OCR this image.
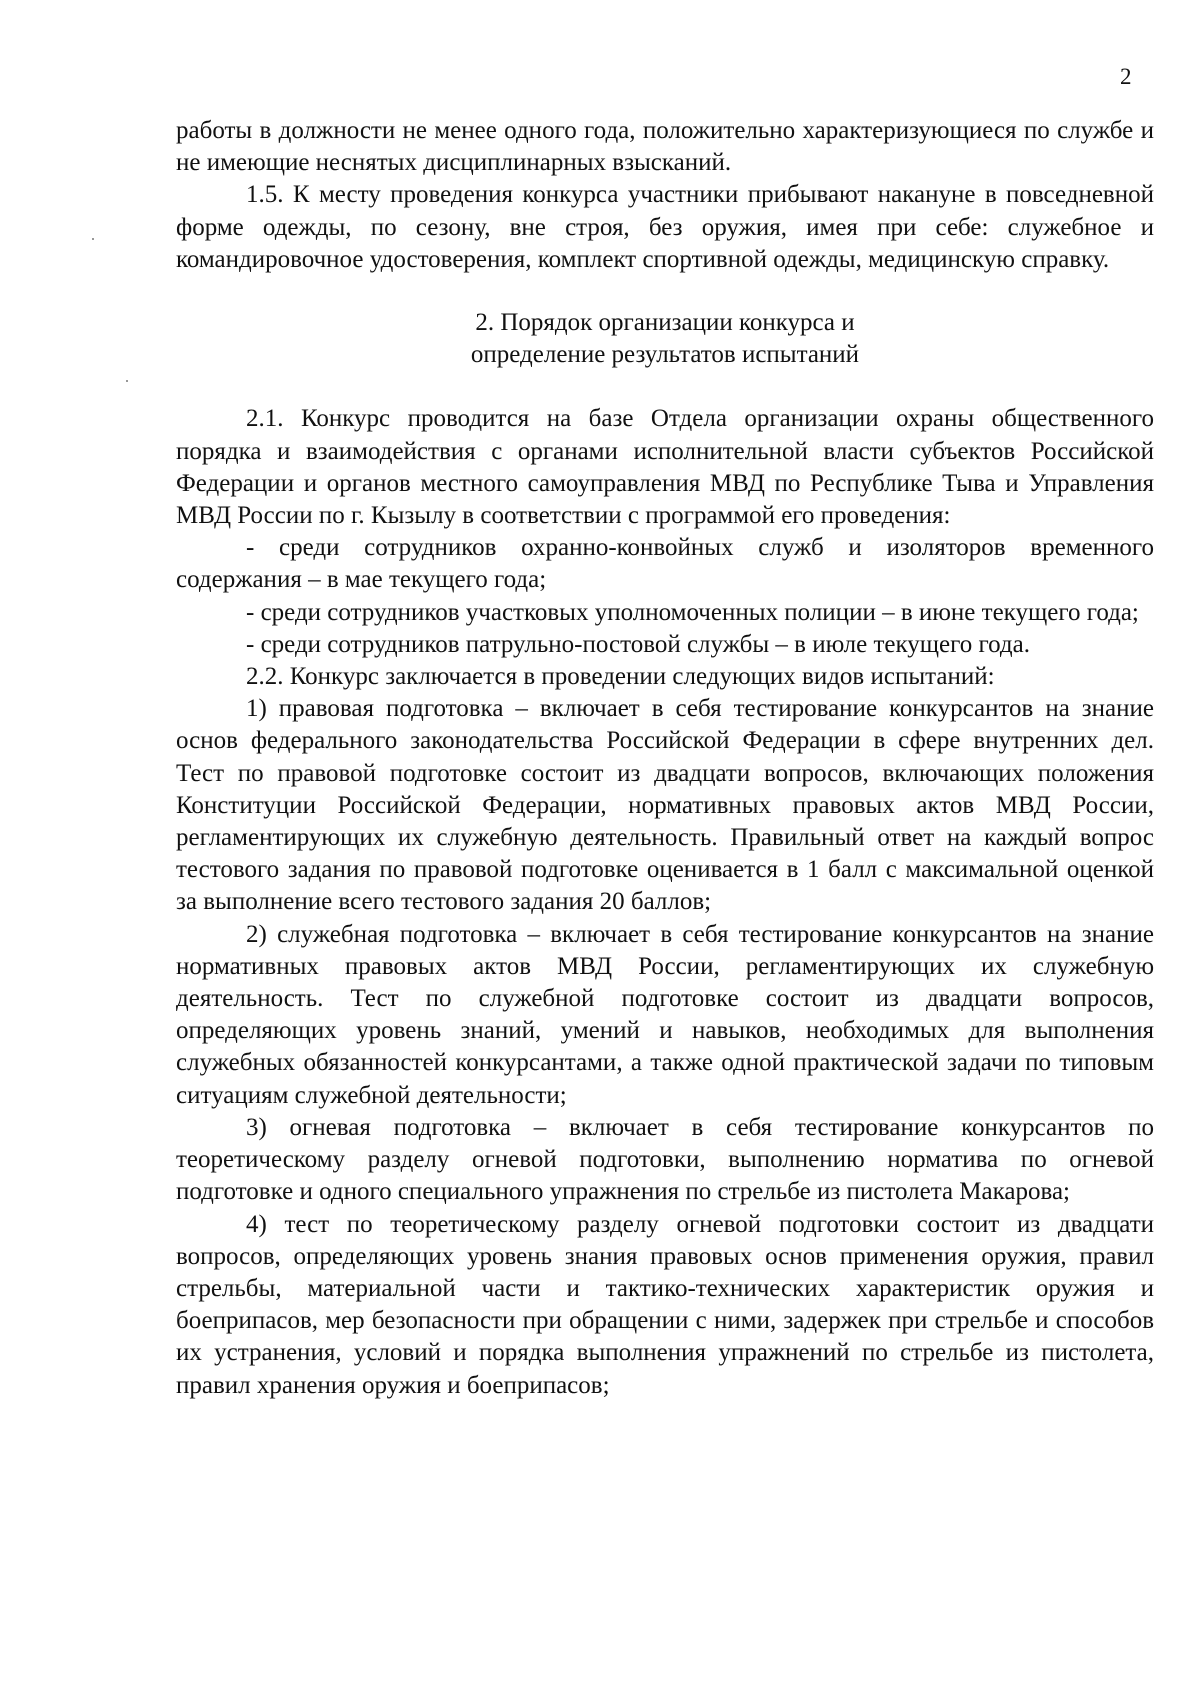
2

работы в должности не менее одного года, положительно характеризующиеся по службе и не имеющие неснятых дисциплинарных взысканий.

1.5. К месту проведения конкурса участники прибывают накануне в повседневной форме одежды, по сезону, вне строя, без оружия, имея при себе: служебное и командировочное удостоверения, комплект спортивной одежды, медицинскую справку.

2. Порядок организации конкурса и
определение результатов испытаний

2.1. Конкурс проводится на базе Отдела организации охраны общественного порядка и взаимодействия с органами исполнительной власти субъектов Российской Федерации и органов местного самоуправления МВД по Республике Тыва и Управления МВД России по г. Кызылу в соответствии с программой его проведения:

- среди сотрудников охранно-конвойных служб и изоляторов временного содержания – в мае текущего года;

- среди сотрудников участковых уполномоченных полиции – в июне текущего года;

- среди сотрудников патрульно-постовой службы – в июле текущего года.

2.2. Конкурс заключается в проведении следующих видов испытаний:

1) правовая подготовка – включает в себя тестирование конкурсантов на знание основ федерального законодательства Российской Федерации в сфере внутренних дел. Тест по правовой подготовке состоит из двадцати вопросов, включающих положения Конституции Российской Федерации, нормативных правовых актов МВД России, регламентирующих их служебную деятельность. Правильный ответ на каждый вопрос тестового задания по правовой подготовке оценивается в 1 балл с максимальной оценкой за выполнение всего тестового задания 20 баллов;

2) служебная подготовка – включает в себя тестирование конкурсантов на знание нормативных правовых актов МВД России, регламентирующих их служебную деятельность. Тест по служебной подготовке состоит из двадцати вопросов, определяющих уровень знаний, умений и навыков, необходимых для выполнения служебных обязанностей конкурсантами, а также одной практической задачи по типовым ситуациям служебной деятельности;

3) огневая подготовка – включает в себя тестирование конкурсантов по теоретическому разделу огневой подготовки, выполнению норматива по огневой подготовке и одного специального упражнения по стрельбе из пистолета Макарова;

4) тест по теоретическому разделу огневой подготовки состоит из двадцати вопросов, определяющих уровень знания правовых основ применения оружия, правил стрельбы, материальной части и тактико-технических характеристик оружия и боеприпасов, мер безопасности при обращении с ними, задержек при стрельбе и способов их устранения, условий и порядка выполнения упражнений по стрельбе из пистолета, правил хранения оружия и боеприпасов;
